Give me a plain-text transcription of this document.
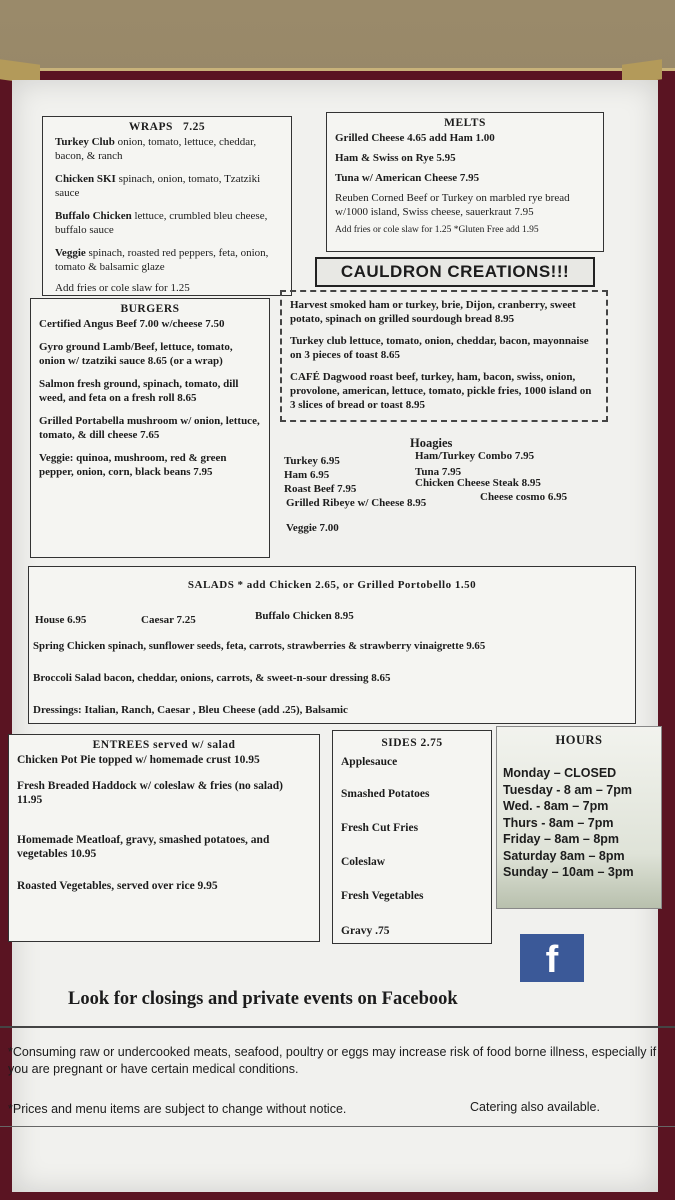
WRAPS 7.25
Turkey Club onion, tomato, lettuce, cheddar, bacon, & ranch
Chicken SKI spinach, onion, tomato, Tzatziki sauce
Buffalo Chicken lettuce, crumbled bleu cheese, buffalo sauce
Veggie spinach, roasted red peppers, feta, onion, tomato & balsamic glaze
Add fries or cole slaw for 1.25
MELTS
Grilled Cheese 4.65 add Ham 1.00
Ham & Swiss on Rye 5.95
Tuna w/ American Cheese 7.95
Reuben Corned Beef or Turkey on marbled rye bread w/1000 island, Swiss cheese, sauerkraut 7.95
Add fries or cole slaw for 1.25 *Gluten Free add 1.95
CAULDRON CREATIONS!!!
Harvest smoked ham or turkey, brie, Dijon, cranberry, sweet potato, spinach on grilled sourdough bread 8.95
Turkey club lettuce, tomato, onion, cheddar, bacon, mayonnaise on 3 pieces of toast 8.65
CAFÉ Dagwood roast beef, turkey, ham, bacon, swiss, onion, provolone, american, lettuce, tomato, pickle fries, 1000 island on 3 slices of bread or toast 8.95
BURGERS
Certified Angus Beef 7.00 w/cheese 7.50
Gyro ground Lamb/Beef, lettuce, tomato, onion w/ tzatziki sauce 8.65 (or a wrap)
Salmon fresh ground, spinach, tomato, dill weed, and feta on a fresh roll 8.65
Grilled Portabella mushroom w/ onion, lettuce, tomato, & dill cheese 7.65
Veggie: quinoa, mushroom, red & green pepper, onion, corn, black beans 7.95
Hoagies
Turkey 6.95
Ham 6.95
Roast Beef 7.95
Grilled Ribeye w/ Cheese 8.95
Ham/Turkey Combo 7.95
Tuna 7.95
Chicken Cheese Steak 8.95
Cheese cosmo 6.95
Veggie 7.00
SALADS * add Chicken 2.65, or Grilled Portobello 1.50
House 6.95	Caesar 7.25	Buffalo Chicken 8.95
Spring Chicken spinach, sunflower seeds, feta, carrots, strawberries & strawberry vinaigrette 9.65
Broccoli Salad bacon, cheddar, onions, carrots, & sweet-n-sour dressing 8.65
Dressings: Italian, Ranch, Caesar , Bleu Cheese (add .25), Balsamic
ENTREES served w/ salad
Chicken Pot Pie topped w/ homemade crust 10.95
Fresh Breaded Haddock w/ coleslaw & fries (no salad) 11.95
Homemade Meatloaf, gravy, smashed potatoes, and vegetables 10.95
Roasted Vegetables, served over rice 9.95
SIDES 2.75
Applesauce
Smashed Potatoes
Fresh Cut Fries
Coleslaw
Fresh Vegetables
Gravy .75
HOURS
Monday – CLOSED
Tuesday - 8 am – 7pm
Wed. - 8am – 7pm
Thurs - 8am – 7pm
Friday – 8am – 8pm
Saturday 8am – 8pm
Sunday – 10am – 3pm
f
Look for closings and private events on Facebook
*Consuming raw or undercooked meats, seafood, poultry or eggs may increase risk of food borne illness, especially if you are pregnant or have certain medical conditions.
*Prices and menu items are subject to change without notice.	Catering also available.
